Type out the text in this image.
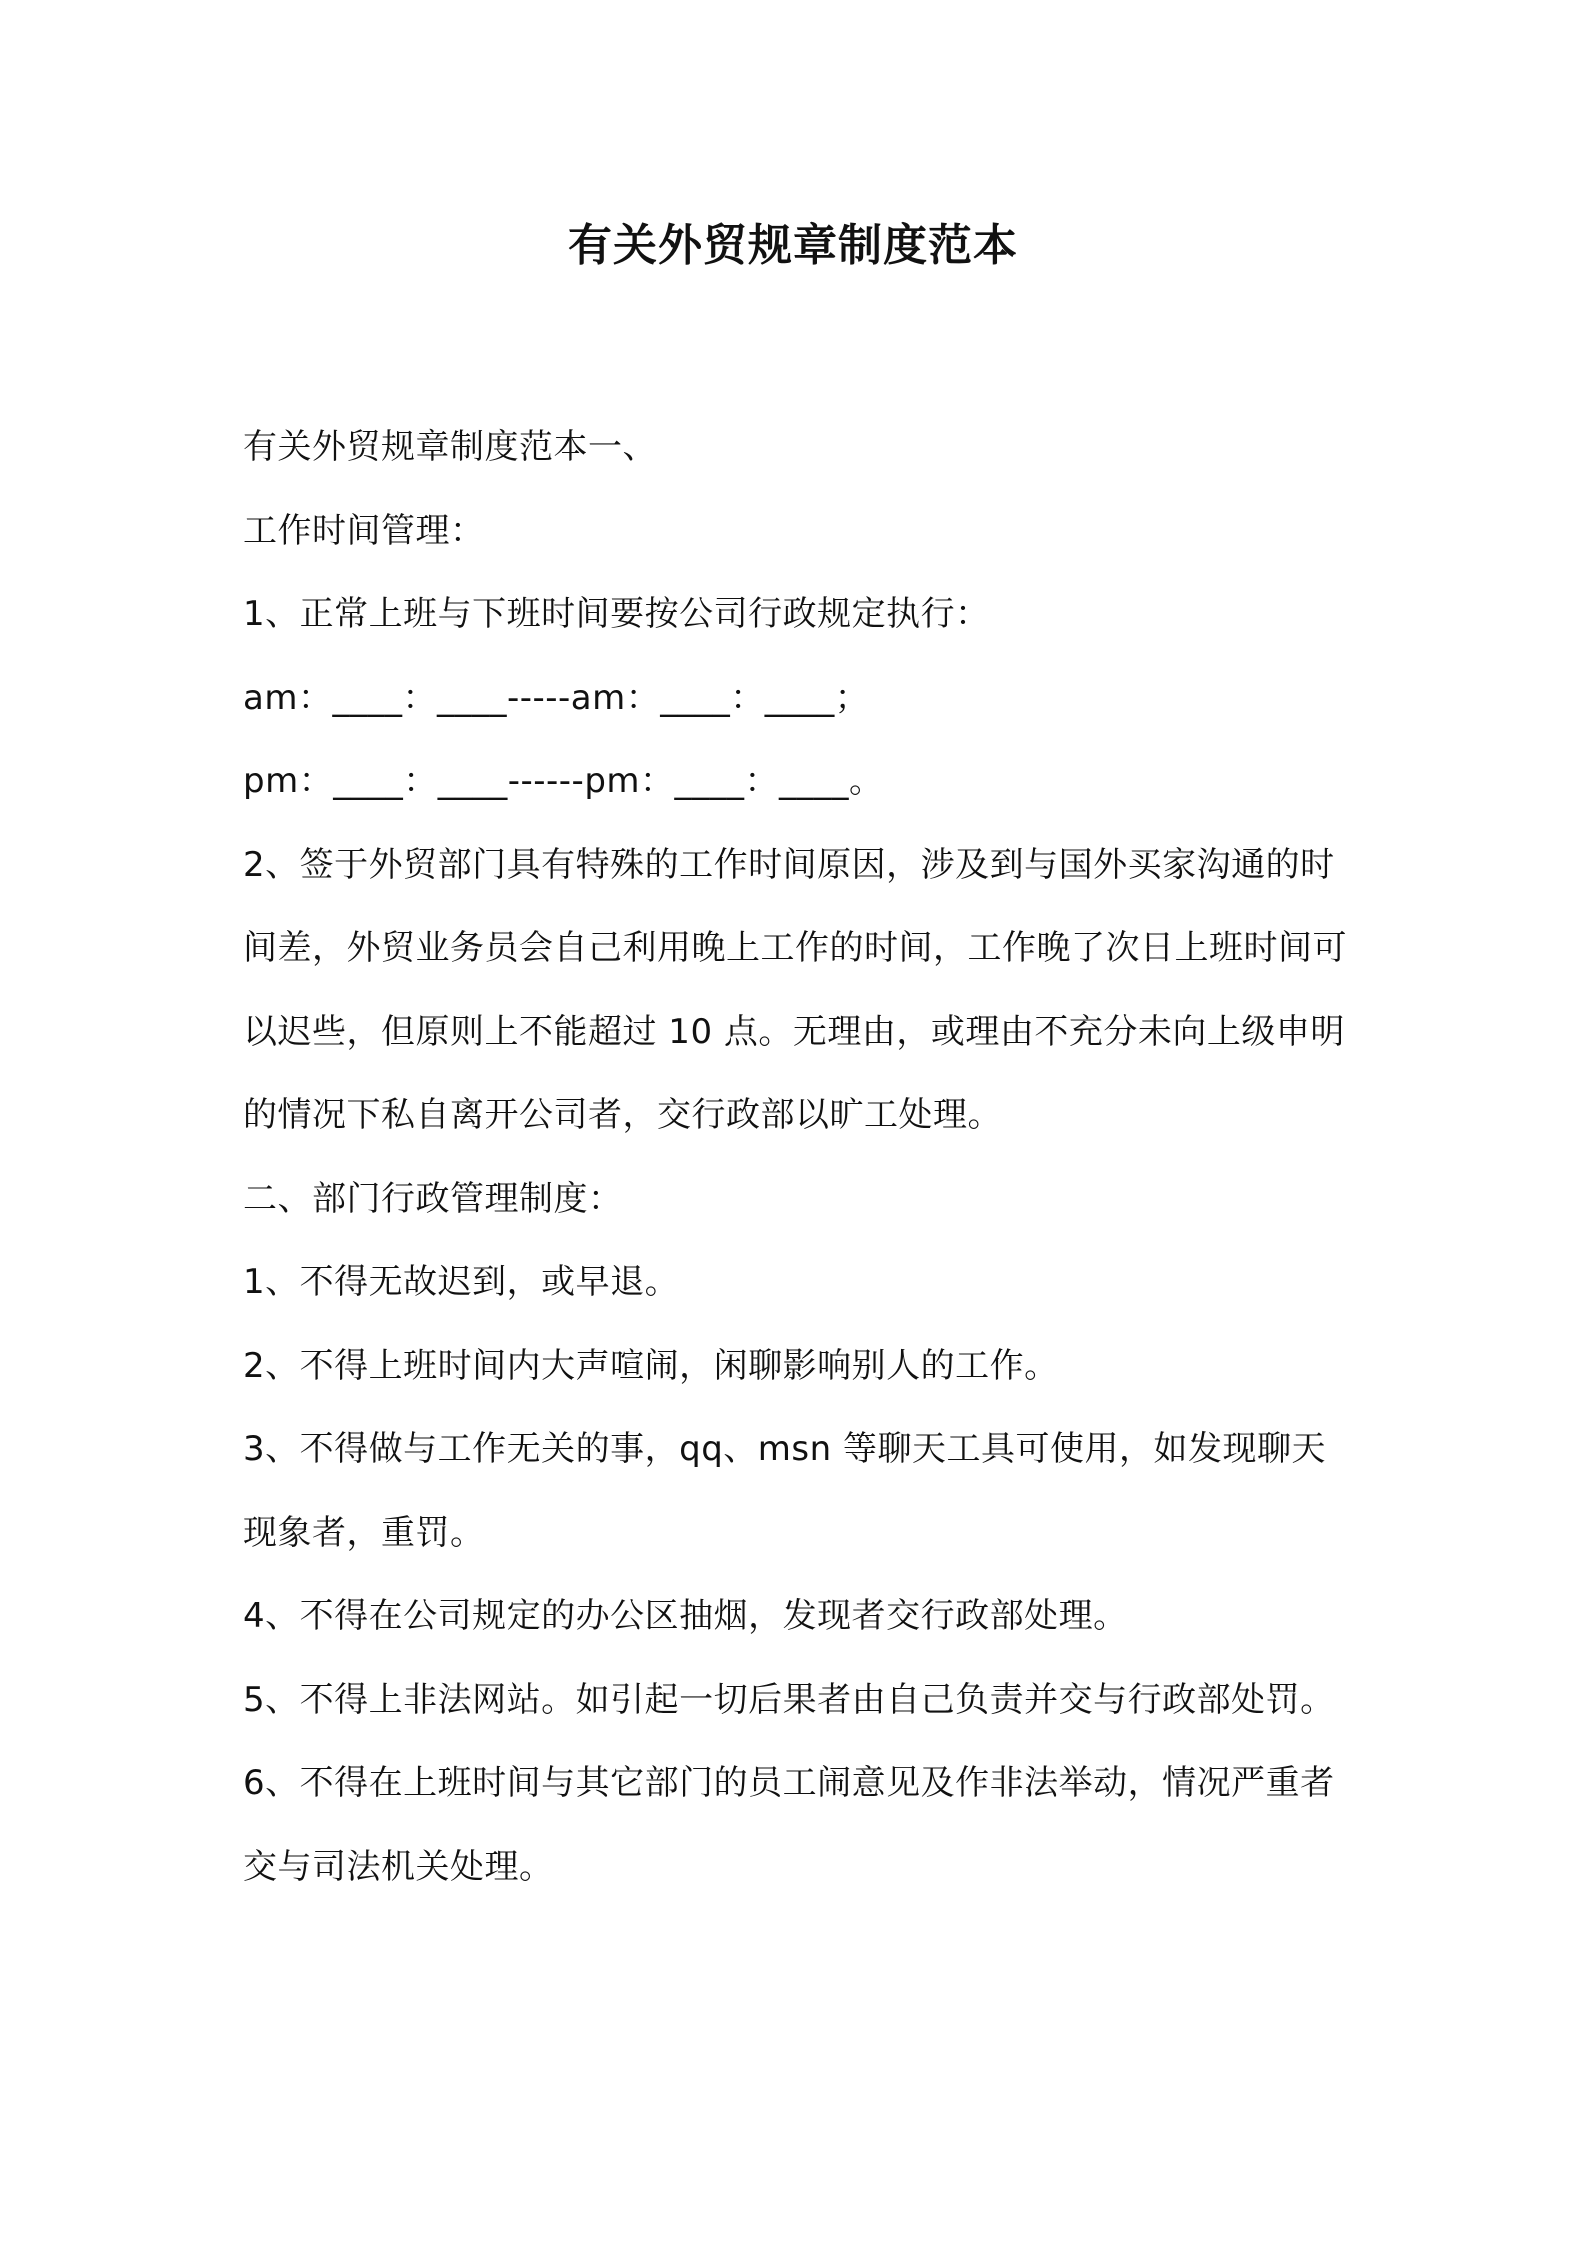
有关外贸规章制度范本

有关外贸规章制度范本一、

工作时间管理：

1、正常上班与下班时间要按公司行政规定执行：

am：____：____-----am：____：____；

pm：____：____------pm：____：____。

2、签于外贸部门具有特殊的工作时间原因，涉及到与国外买家沟通的时间差，外贸业务员会自己利用晚上工作的时间，工作晚了次日上班时间可以迟些，但原则上不能超过 10 点。无理由，或理由不充分未向上级申明的情况下私自离开公司者，交行政部以旷工处理。

二、部门行政管理制度：

1、不得无故迟到，或早退。

2、不得上班时间内大声喧闹，闲聊影响别人的工作。

3、不得做与工作无关的事，qq、msn 等聊天工具可使用，如发现聊天现象者，重罚。

4、不得在公司规定的办公区抽烟，发现者交行政部处理。

5、不得上非法网站。如引起一切后果者由自己负责并交与行政部处罚。

6、不得在上班时间与其它部门的员工闹意见及作非法举动，情况严重者交与司法机关处理。
